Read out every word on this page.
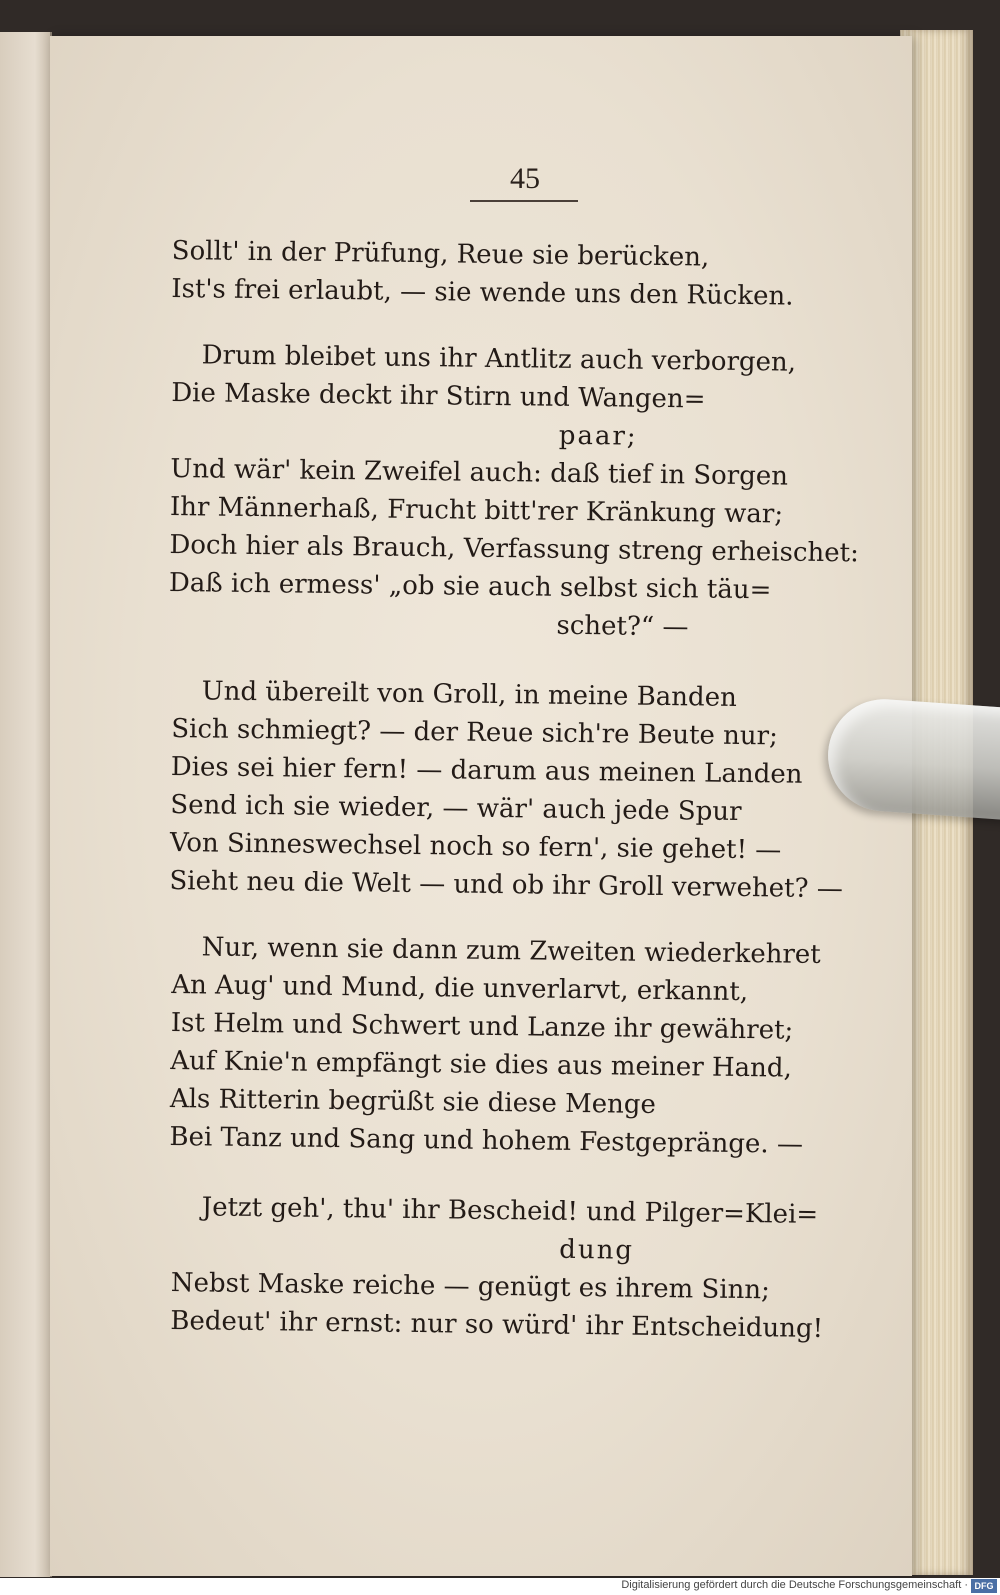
45
Sollt' in der Prüfung, Reue sie berücken,
Ist's frei erlaubt, — sie wende uns den Rücken.
Drum bleibet uns ihr Antlitz auch verborgen,
Die Maske deckt ihr Stirn und Wangen=
paar;
Und wär' kein Zweifel auch: daß tief in Sorgen
Ihr Männerhaß, Frucht bitt'rer Kränkung war;
Doch hier als Brauch, Verfassung streng erheischet:
Daß ich ermess' „ob sie auch selbst sich täu=
schet?“ —
Und übereilt von Groll, in meine Banden
Sich schmiegt? — der Reue sich're Beute nur;
Dies sei hier fern! — darum aus meinen Landen
Send ich sie wieder, — wär' auch jede Spur
Von Sinneswechsel noch so fern', sie gehet! —
Sieht neu die Welt — und ob ihr Groll verwehet? —
Nur, wenn sie dann zum Zweiten wiederkehret
An Aug' und Mund, die unverlarvt, erkannt,
Ist Helm und Schwert und Lanze ihr gewähret;
Auf Knie'n empfängt sie dies aus meiner Hand,
Als Ritterin begrüßt sie diese Menge
Bei Tanz und Sang und hohem Festgepränge. —
Jetzt geh', thu' ihr Bescheid! und Pilger=Klei=
dung
Nebst Maske reiche — genügt es ihrem Sinn;
Bedeut' ihr ernst: nur so würd' ihr Entscheidung!
Digitalisierung gefördert durch die Deutsche Forschungsgemeinschaft · DFG
